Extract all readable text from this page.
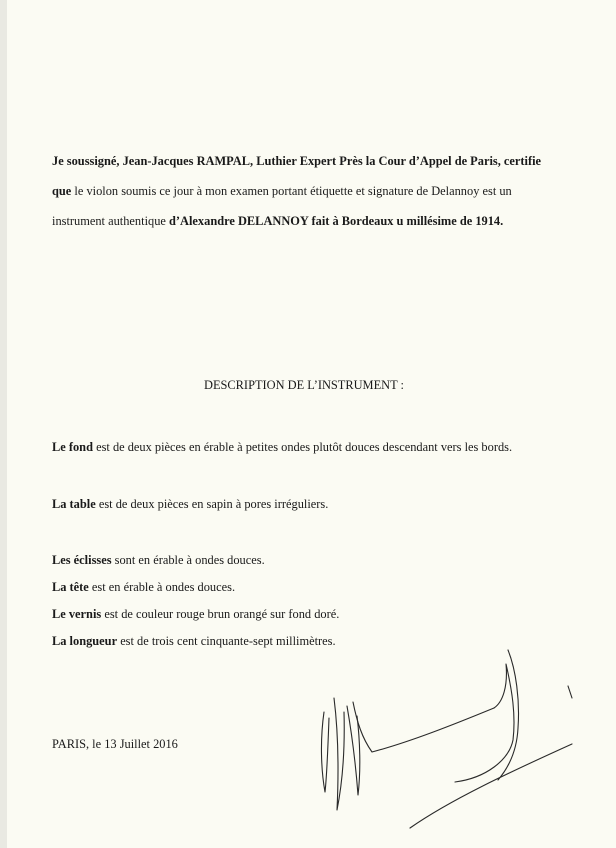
Je soussigné, Jean-Jacques RAMPAL, Luthier Expert Près la Cour d’Appel de Paris, certifie
que le violon soumis ce jour à mon examen portant étiquette et signature de Delannoy est un
instrument authentique d’Alexandre DELANNOY fait à Bordeaux u millésime de 1914.
DESCRIPTION DE L’INSTRUMENT :
Le fond est de deux pièces en érable à petites ondes plutôt douces descendant vers les bords.
La table est de deux pièces en sapin à pores irréguliers.
Les éclisses sont en érable à ondes douces.
La tête est en érable à ondes douces.
Le vernis est de couleur rouge brun orangé sur fond doré.
La longueur est de trois cent cinquante-sept millimètres.
PARIS, le 13 Juillet 2016
